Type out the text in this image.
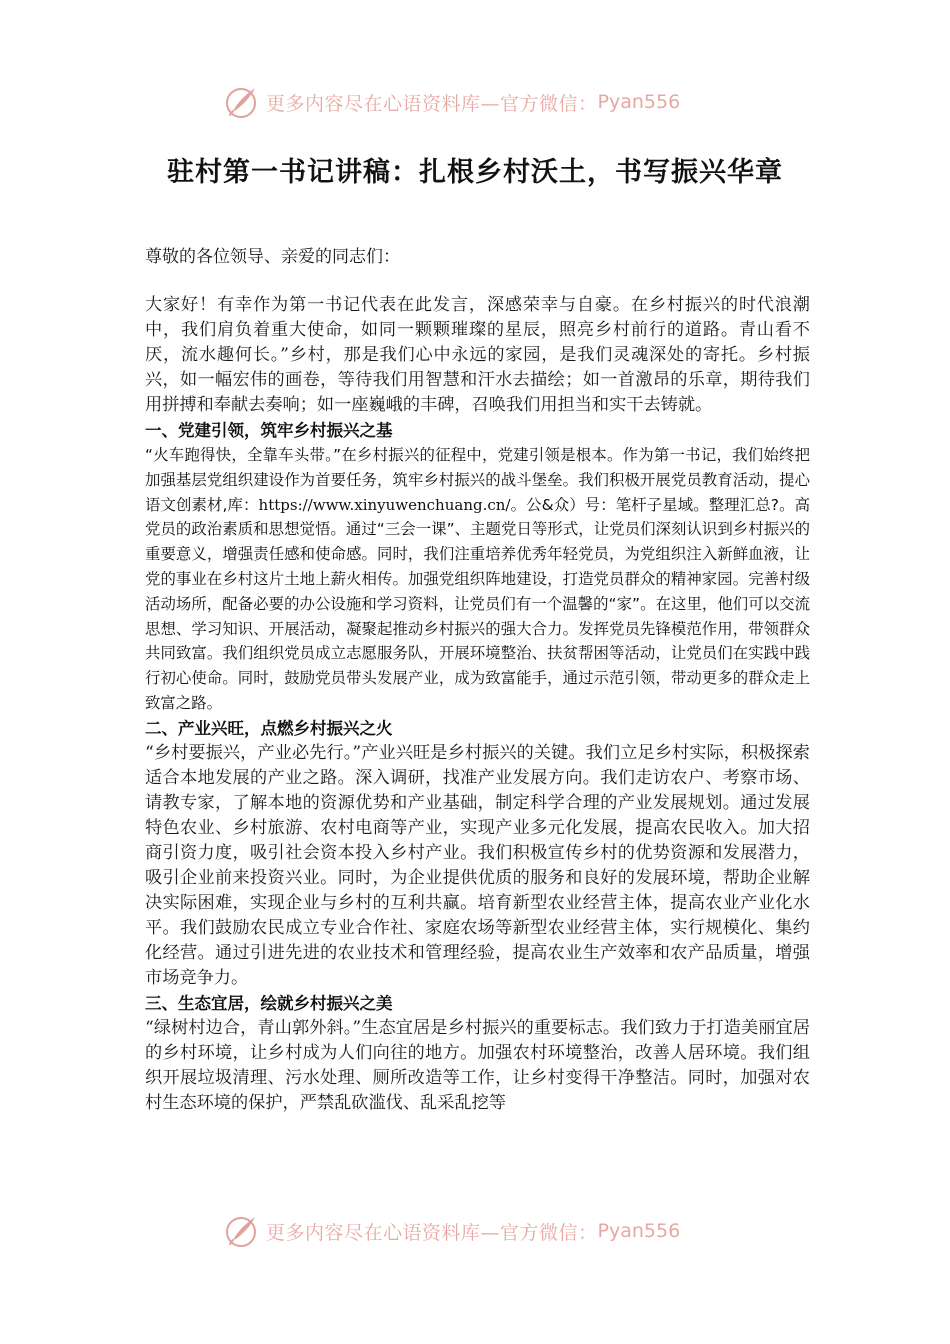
更多内容尽在心语资料库—官方微信： Pyan556
驻村第一书记讲稿：扎根乡村沃土，书写振兴华章

尊敬的各位领导、亲爱的同志们：

大家好！有幸作为第一书记代表在此发言，深感荣幸与自豪。在乡村振兴的时代浪潮中，我们肩负着重大使命，如同一颗颗璀璨的星辰，照亮乡村前行的道路。青山看不厌，流水趣何长。”乡村，那是我们心中永远的家园，是我们灵魂深处的寄托。乡村振兴，如一幅宏伟的画卷，等待我们用智慧和汗水去描绘；如一首激昂的乐章，期待我们用拼搏和奉献去奏响；如一座巍峨的丰碑，召唤我们用担当和实干去铸就。

一、党建引领，筑牢乡村振兴之基

“火车跑得快，全靠车头带。”在乡村振兴的征程中，党建引领是根本。作为第一书记，我们始终把加强基层党组织建设作为首要任务，筑牢乡村振兴的战斗堡垒。我们积极开展党员教育活动，提心语文创素材,库：https://www.xinyuwenchuang.cn/。公&众）号：笔杆子星域。整理汇总?。高党员的政治素质和思想觉悟。通过“三会一课”、主题党日等形式，让党员们深刻认识到乡村振兴的重要意义，增强责任感和使命感。同时，我们注重培养优秀年轻党员，为党组织注入新鲜血液，让党的事业在乡村这片土地上薪火相传。加强党组织阵地建设，打造党员群众的精神家园。完善村级活动场所，配备必要的办公设施和学习资料，让党员们有一个温馨的“家”。在这里，他们可以交流思想、学习知识、开展活动，凝聚起推动乡村振兴的强大合力。发挥党员先锋模范作用，带领群众共同致富。我们组织党员成立志愿服务队，开展环境整治、扶贫帮困等活动，让党员们在实践中践行初心使命。同时，鼓励党员带头发展产业，成为致富能手，通过示范引领，带动更多的群众走上致富之路。

二、产业兴旺，点燃乡村振兴之火

“乡村要振兴，产业必先行。”产业兴旺是乡村振兴的关键。我们立足乡村实际，积极探索适合本地发展的产业之路。深入调研，找准产业发展方向。我们走访农户、考察市场、请教专家，了解本地的资源优势和产业基础，制定科学合理的产业发展规划。通过发展特色农业、乡村旅游、农村电商等产业，实现产业多元化发展，提高农民收入。加大招商引资力度，吸引社会资本投入乡村产业。我们积极宣传乡村的优势资源和发展潜力，吸引企业前来投资兴业。同时，为企业提供优质的服务和良好的发展环境，帮助企业解决实际困难，实现企业与乡村的互利共赢。培育新型农业经营主体，提高农业产业化水平。我们鼓励农民成立专业合作社、家庭农场等新型农业经营主体，实行规模化、集约化经营。通过引进先进的农业技术和管理经验，提高农业生产效率和农产品质量，增强市场竞争力。

三、生态宜居，绘就乡村振兴之美

“绿树村边合，青山郭外斜。”生态宜居是乡村振兴的重要标志。我们致力于打造美丽宜居的乡村环境，让乡村成为人们向往的地方。加强农村环境整治，改善人居环境。我们组织开展垃圾清理、污水处理、厕所改造等工作，让乡村变得干净整洁。同时，加强对农村生态环境的保护，严禁乱砍滥伐、乱采乱挖等

更多内容尽在心语资料库—官方微信： Pyan556
